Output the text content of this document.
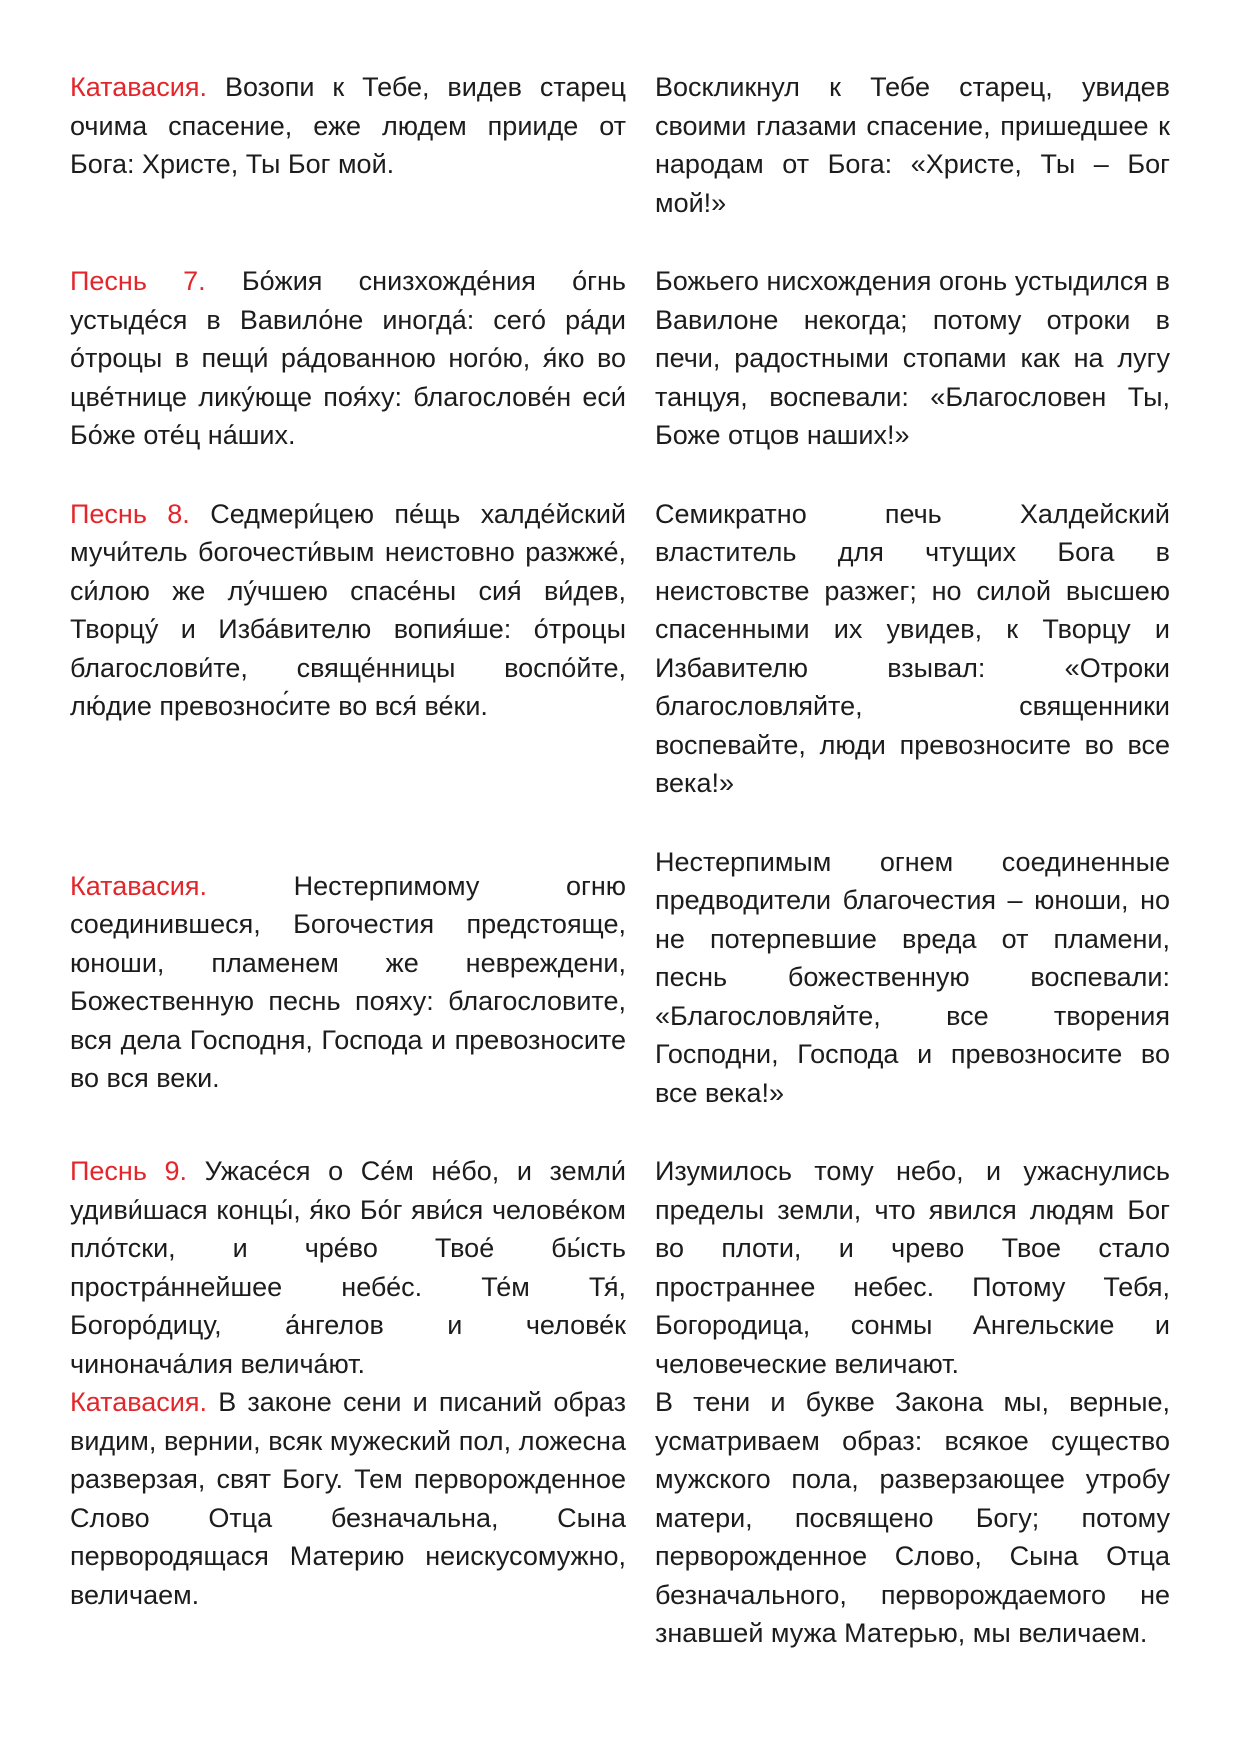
Катавасия. Возопи к Тебе, видев старец очима спасение, еже людем прииде от Бога: Христе, Ты Бог мой.
Воскликнул к Тебе старец, увидев своими глазами спасение, пришедшее к народам от Бога: «Христе, Ты – Бог мой!»
Песнь 7. Бо́жия снизхожде́ния о́гнь устыде́ся в Вавило́не иногда́: сего́ ра́ди о́троцы в пещи́ ра́дованною ного́ю, я́ко во цве́тнице лику́юще поя́ху: благослове́н еси́ Бо́же оте́ц на́ших.
Божьего нисхождения огонь устыдился в Вавилоне некогда; потому отроки в печи, радостными стопами как на лугу танцуя, воспевали: «Благословен Ты, Боже отцов наших!»
Песнь 8. Седмери́цею пе́щь халде́йский мучи́тель богочести́вым неистовно разжже́, си́лою же лу́чшею спасе́ны сия́ ви́дев, Творцу́ и Изба́вителю вопия́ше: о́троцы благослови́те, свяще́нницы воспо́йте, лю́дие превознос́ите во вся́ ве́ки.
Семикратно печь Халдейский властитель для чтущих Бога в неистовстве разжег; но силой высшею спасенными их увидев, к Творцу и Избавителю взывал: «Отроки благословляйте, священники воспевайте, люди превозносите во все века!»
Катавасия.	Нестерпимому огню соединившеся, Богочестия предстояще, юноши, пламенем же невреждени, Божественную песнь пояху: благословите, вся дела Господня, Господа и превозносите во вся веки.
Нестерпимым огнем соединенные предводители благочестия – юноши, но не потерпевшие вреда от пламени, песнь божественную воспевали: «Благословляйте, все творения Господни, Господа и превозносите во все века!»
Песнь 9. Ужасе́ся о Се́м не́бо, и земли́ удиви́шася концы́, я́ко Бо́г яви́ся челове́ком пло́тски, и чре́во Твое́ бы́сть простра́ннейшее небе́с. Те́м Тя́, Богоро́дицу, а́нгелов и челове́к чинонача́лия велича́ют.
Изумилось тому небо, и ужаснулись пределы земли, что явился людям Бог во плоти, и чрево Твое стало пространнее небес. Потому Тебя, Богородица, сонмы Ангельские и человеческие величают.
Катавасия. В законе сени и писаний образ видим, вернии, всяк мужеский пол, ложесна разверзая, свят Богу. Тем перворожденное Слово Отца безначальна, Сына первородящася Материю неискусомужно, величаем.
В тени и букве Закона мы, верные, усматриваем образ: всякое существо мужского пола, разверзающее утробу матери, посвящено Богу; потому перворожденное Слово, Сына Отца безначального, перворождаемого не знавшей мужа Матерью, мы величаем.
